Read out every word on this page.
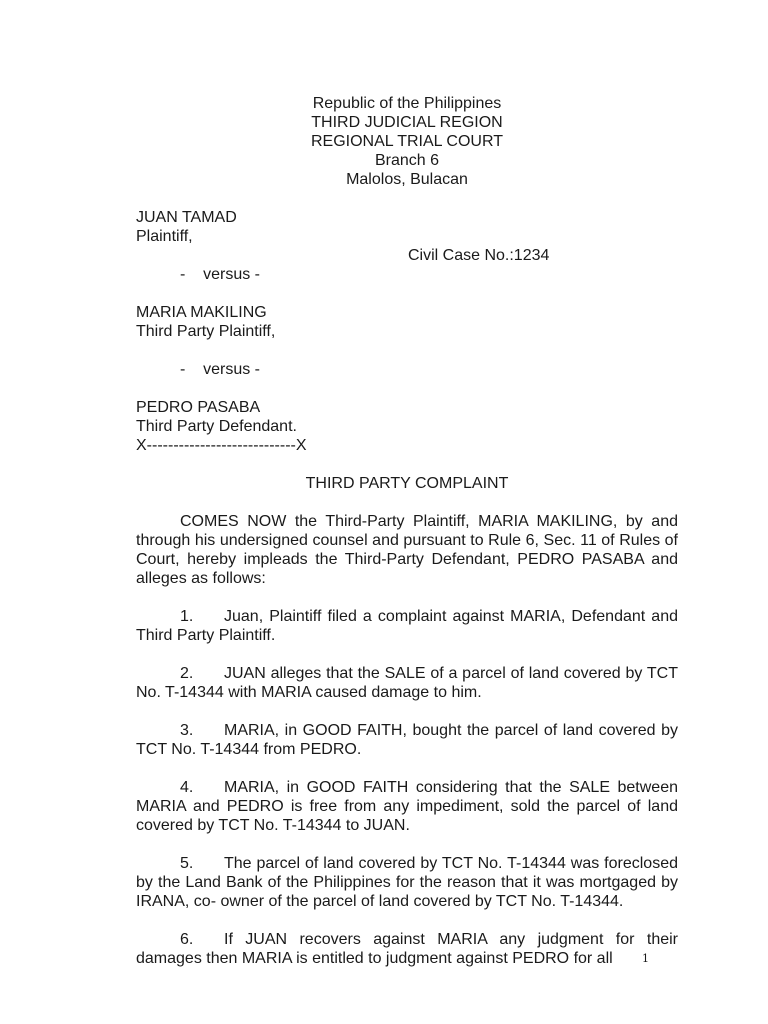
Republic of the Philippines
THIRD JUDICIAL REGION
REGIONAL TRIAL COURT
Branch 6
Malolos, Bulacan
JUAN TAMAD
Plaintiff,
Civil Case No.:1234
-    versus -
MARIA MAKILING
Third Party Plaintiff,
-    versus -
PEDRO PASABA
Third Party Defendant.
X----------------------------X
THIRD PARTY COMPLAINT

COMES NOW the Third-Party Plaintiff, MARIA MAKILING, by and through his undersigned counsel and pursuant to Rule 6, Sec. 11 of Rules of Court, hereby impleads the Third-Party Defendant, PEDRO PASABA and alleges as follows:

1. Juan, Plaintiff filed a complaint against MARIA, Defendant and Third Party Plaintiff.

2. JUAN alleges that the SALE of a parcel of land covered by TCT No. T-14344 with MARIA caused damage to him.

3. MARIA, in GOOD FAITH, bought the parcel of land covered by TCT No. T-14344 from PEDRO.

4. MARIA, in GOOD FAITH considering that the SALE between MARIA and PEDRO is free from any impediment, sold the parcel of land covered by TCT No. T-14344 to JUAN.

5. The parcel of land covered by TCT No. T-14344 was foreclosed by the Land Bank of the Philippines for the reason that it was mortgaged by IRANA, co- owner of the parcel of land covered by TCT No. T-14344.

6. If JUAN recovers against MARIA any judgment for their damages then MARIA is entitled to judgment against PEDRO for all	1
